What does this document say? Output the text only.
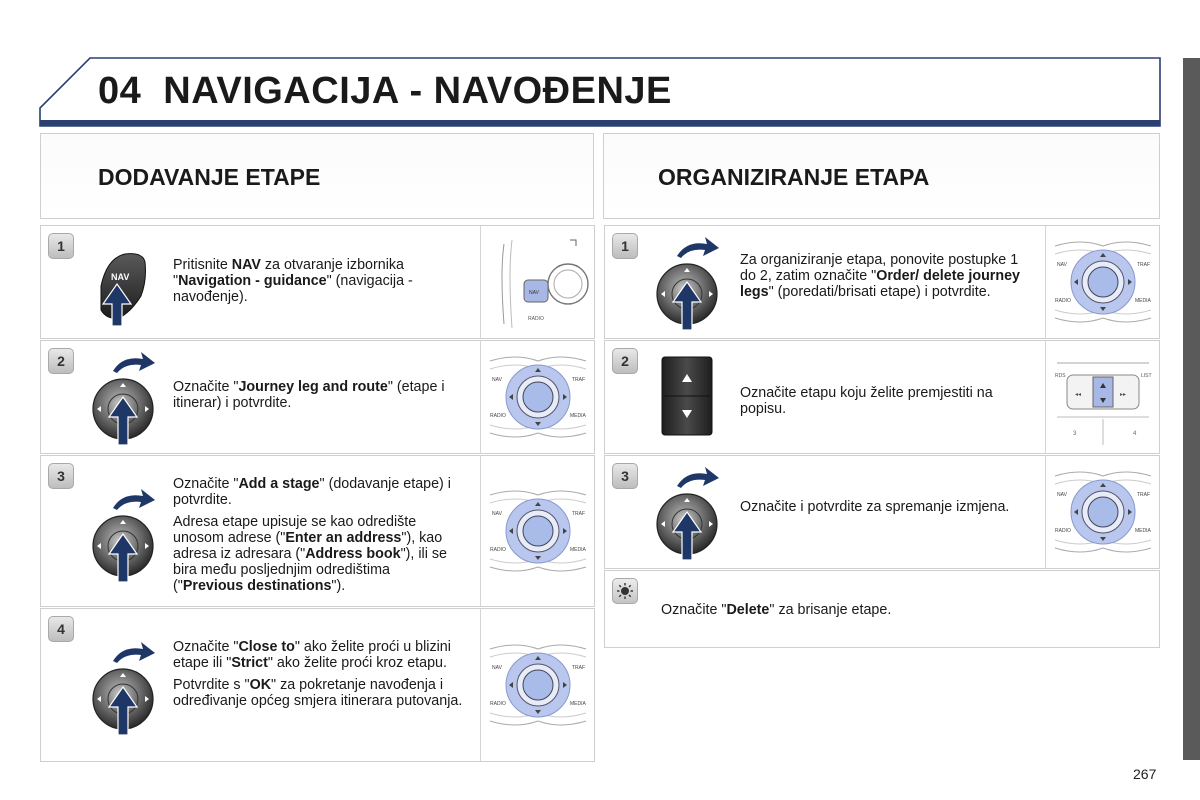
04 NAVIGACIJA - NAVOĐENJE
DODAVANJE ETAPE	ORGANIZIRANJE ETAPA
1
NAV

Pritisnite NAV za otvaranje izbornika "Navigation - guidance" (navigacija - navođenje).	NAV
RADIO
2

Označite "Journey leg and route" (etape i itinerar) i potvrdite.

NAV	TRAF
RADIO	MEDIA
3	Označite "Add a stage" (dodavanje etape) i potvrdite.

Adresa etape upisuje se kao odredište unosom adrese ("Enter an address"), kao adresa iz adresara ("Address book"), ili se bira među posljednjim odredištima ("Previous destinations").

NAV	TRAF
RADIO	MEDIA
4

Označite "Close to" ako želite proći u blizini etape ili "Strict" ako želite proći kroz etapu.

Potvrdite s "OK" za pokretanje navođenja i određivanje općeg smjera itinerara putovanja.

NAV	TRAF
RADIO	MEDIA
1

Za organiziranje etapa, ponovite postupke 1 do 2, zatim označite "Order/ delete journey legs" (poredati/brisati etape) i potvrdite.

NAV	TRAF
RADIO	MEDIA
2

Označite etapu koju želite premjestiti na popisu.

◂◂	▸▸
RDS	LIST
3	4
3

Označite i potvrdite za spremanje izmjena.

NAV	TRAF
RADIO	MEDIA

Označite "Delete" za brisanje etape.

267
